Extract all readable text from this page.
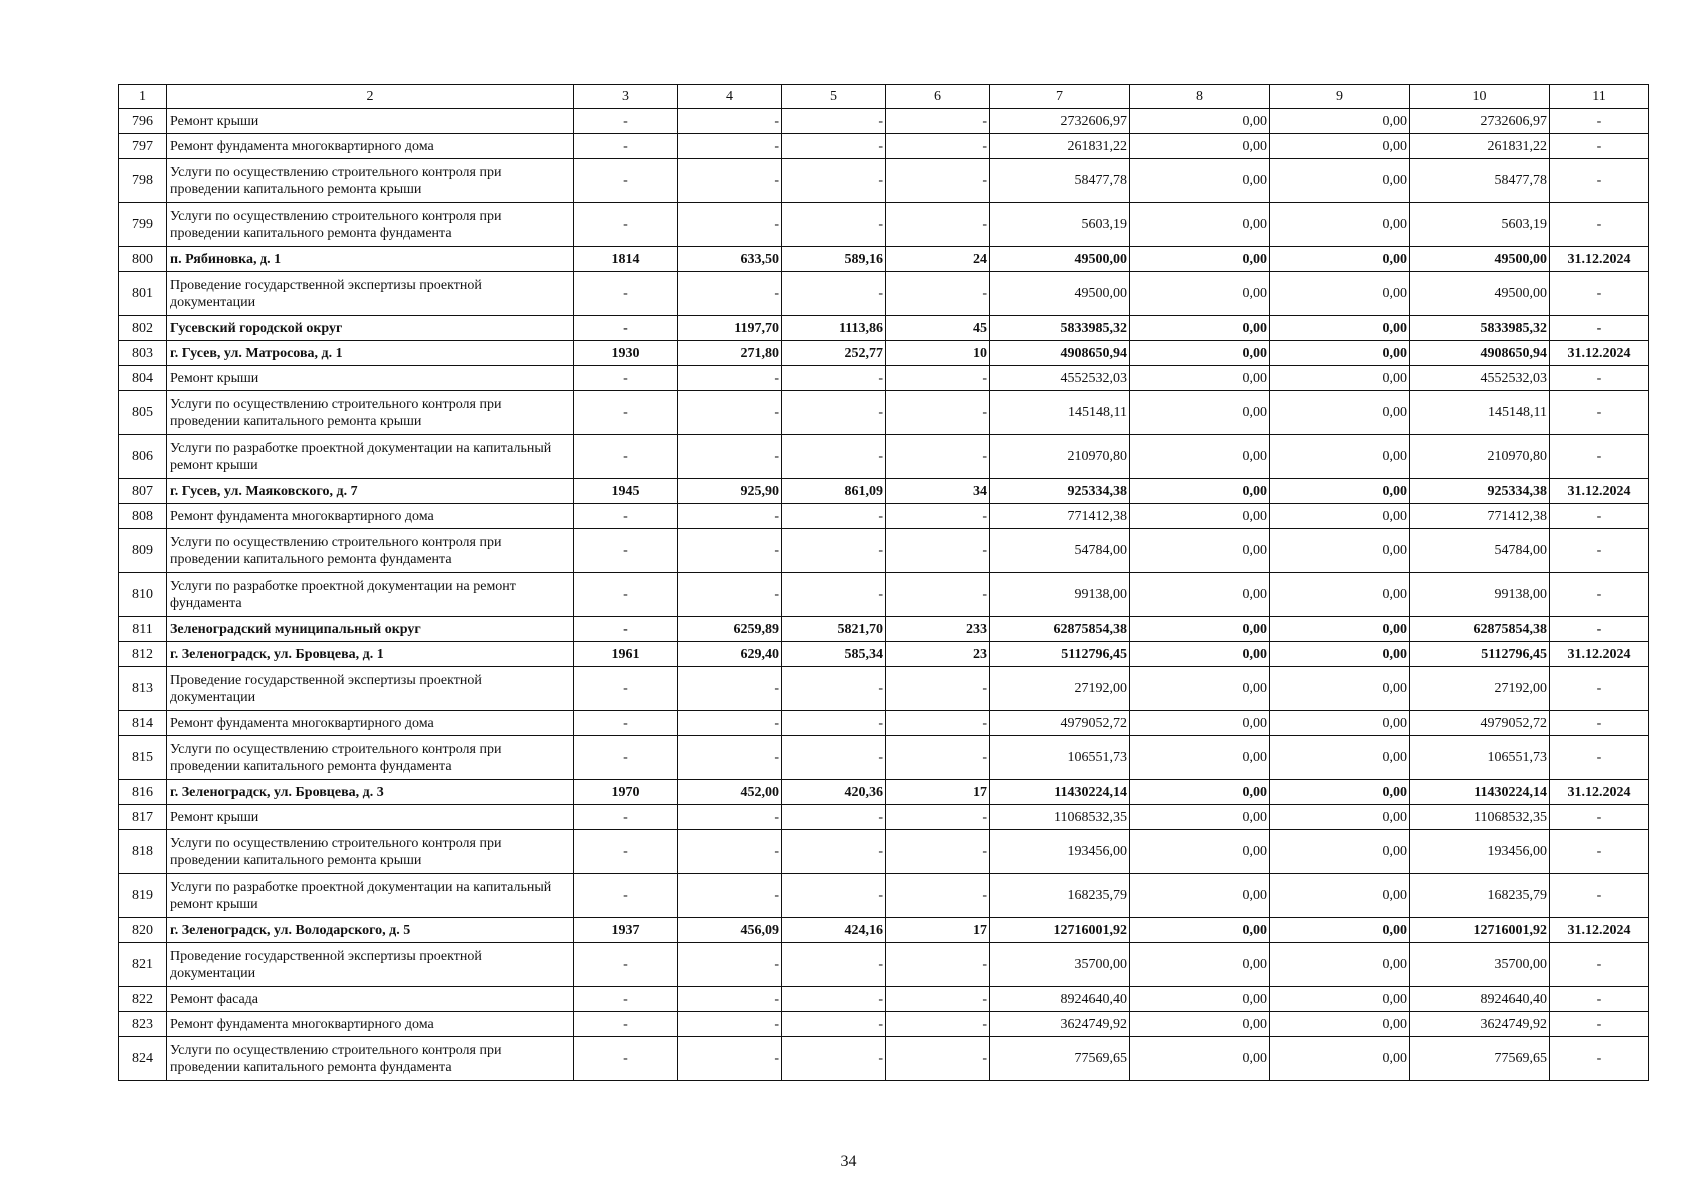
1	2	3	4	5	6	7	8	9	10	11
796	Ремонт крыши	-	-	-	-	2732606,97	0,00	0,00	2732606,97	-
797	Ремонт фундамента многоквартирного дома	-	-	-	-	261831,22	0,00	0,00	261831,22	-
798	Услуги по осуществлению строительного контроля при проведении капитального ремонта крыши	-	-	-	-	58477,78	0,00	0,00	58477,78	-
799	Услуги по осуществлению строительного контроля при проведении капитального ремонта фундамента	-	-	-	-	5603,19	0,00	0,00	5603,19	-
800	п. Рябиновка, д. 1	1814	633,50	589,16	24	49500,00	0,00	0,00	49500,00	31.12.2024
801	Проведение государственной экспертизы проектной документации	-	-	-	-	49500,00	0,00	0,00	49500,00	-
802	Гусевский городской округ	-	1197,70	1113,86	45	5833985,32	0,00	0,00	5833985,32	-
803	г. Гусев, ул. Матросова, д. 1	1930	271,80	252,77	10	4908650,94	0,00	0,00	4908650,94	31.12.2024
804	Ремонт крыши	-	-	-	-	4552532,03	0,00	0,00	4552532,03	-
805	Услуги по осуществлению строительного контроля при проведении капитального ремонта крыши	-	-	-	-	145148,11	0,00	0,00	145148,11	-
806	Услуги по разработке проектной документации на капитальный ремонт крыши	-	-	-	-	210970,80	0,00	0,00	210970,80	-
807	г. Гусев, ул. Маяковского, д. 7	1945	925,90	861,09	34	925334,38	0,00	0,00	925334,38	31.12.2024
808	Ремонт фундамента многоквартирного дома	-	-	-	-	771412,38	0,00	0,00	771412,38	-
809	Услуги по осуществлению строительного контроля при проведении капитального ремонта фундамента	-	-	-	-	54784,00	0,00	0,00	54784,00	-
810	Услуги по разработке проектной документации на ремонт фундамента	-	-	-	-	99138,00	0,00	0,00	99138,00	-
811	Зеленоградский муниципальный округ	-	6259,89	5821,70	233	62875854,38	0,00	0,00	62875854,38	-
812	г. Зеленоградск, ул. Бровцева, д. 1	1961	629,40	585,34	23	5112796,45	0,00	0,00	5112796,45	31.12.2024
813	Проведение государственной экспертизы проектной документации	-	-	-	-	27192,00	0,00	0,00	27192,00	-
814	Ремонт фундамента многоквартирного дома	-	-	-	-	4979052,72	0,00	0,00	4979052,72	-
815	Услуги по осуществлению строительного контроля при проведении капитального ремонта фундамента	-	-	-	-	106551,73	0,00	0,00	106551,73	-
816	г. Зеленоградск, ул. Бровцева, д. 3	1970	452,00	420,36	17	11430224,14	0,00	0,00	11430224,14	31.12.2024
817	Ремонт крыши	-	-	-	-	11068532,35	0,00	0,00	11068532,35	-
818	Услуги по осуществлению строительного контроля при проведении капитального ремонта крыши	-	-	-	-	193456,00	0,00	0,00	193456,00	-
819	Услуги по разработке проектной документации на капитальный ремонт крыши	-	-	-	-	168235,79	0,00	0,00	168235,79	-
820	г. Зеленоградск, ул. Володарского, д. 5	1937	456,09	424,16	17	12716001,92	0,00	0,00	12716001,92	31.12.2024
821	Проведение государственной экспертизы проектной документации	-	-	-	-	35700,00	0,00	0,00	35700,00	-
822	Ремонт фасада	-	-	-	-	8924640,40	0,00	0,00	8924640,40	-
823	Ремонт фундамента многоквартирного дома	-	-	-	-	3624749,92	0,00	0,00	3624749,92	-
824	Услуги по осуществлению строительного контроля при проведении капитального ремонта фундамента	-	-	-	-	77569,65	0,00	0,00	77569,65	-
34
